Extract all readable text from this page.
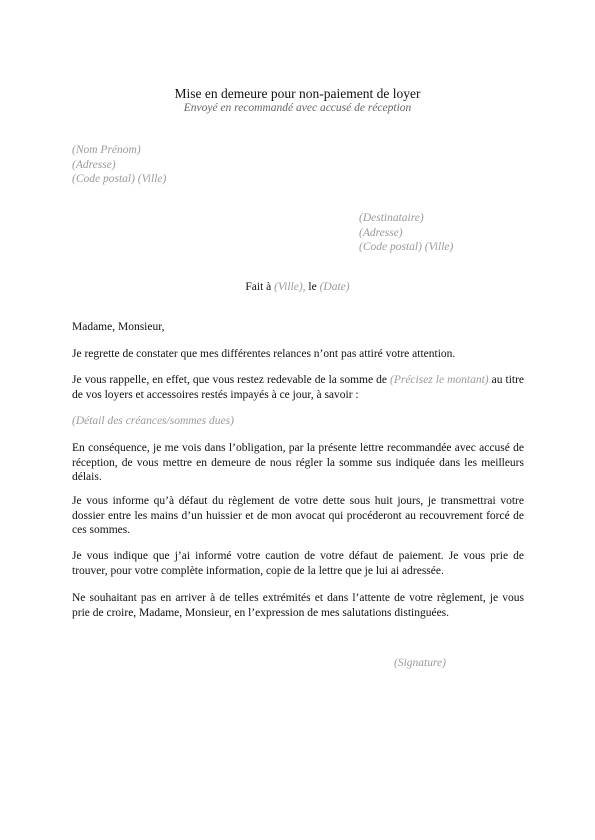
Mise en demeure pour non-paiement de loyer
Envoyé en recommandé avec accusé de réception
(Nom Prénom)
(Adresse)
(Code postal) (Ville)
(Destinataire)
(Adresse)
(Code postal) (Ville)
Fait à (Ville), le (Date)
Madame, Monsieur,
Je regrette de constater que mes différentes relances n’ont pas attiré votre attention.
Je vous rappelle, en effet, que vous restez redevable de la somme de (Précisez le montant) au titre de vos loyers et accessoires restés impayés à ce jour, à savoir :
(Détail des créances/sommes dues)
En conséquence, je me vois dans l’obligation, par la présente lettre recommandée avec accusé de réception, de vous mettre en demeure de nous régler la somme sus indiquée dans les meilleurs délais.
Je vous informe qu’à défaut du règlement de votre dette sous huit jours, je transmettrai votre dossier entre les mains d’un huissier et de mon avocat qui procéderont au recouvrement forcé de ces sommes.
Je vous indique que j’ai informé votre caution de votre défaut de paiement. Je vous prie de trouver, pour votre complète information, copie de la lettre que je lui ai adressée.
Ne souhaitant pas en arriver à de telles extrémités et dans l’attente de votre règlement, je vous prie de croire, Madame, Monsieur, en l’expression de mes salutations distinguées.
(Signature)
